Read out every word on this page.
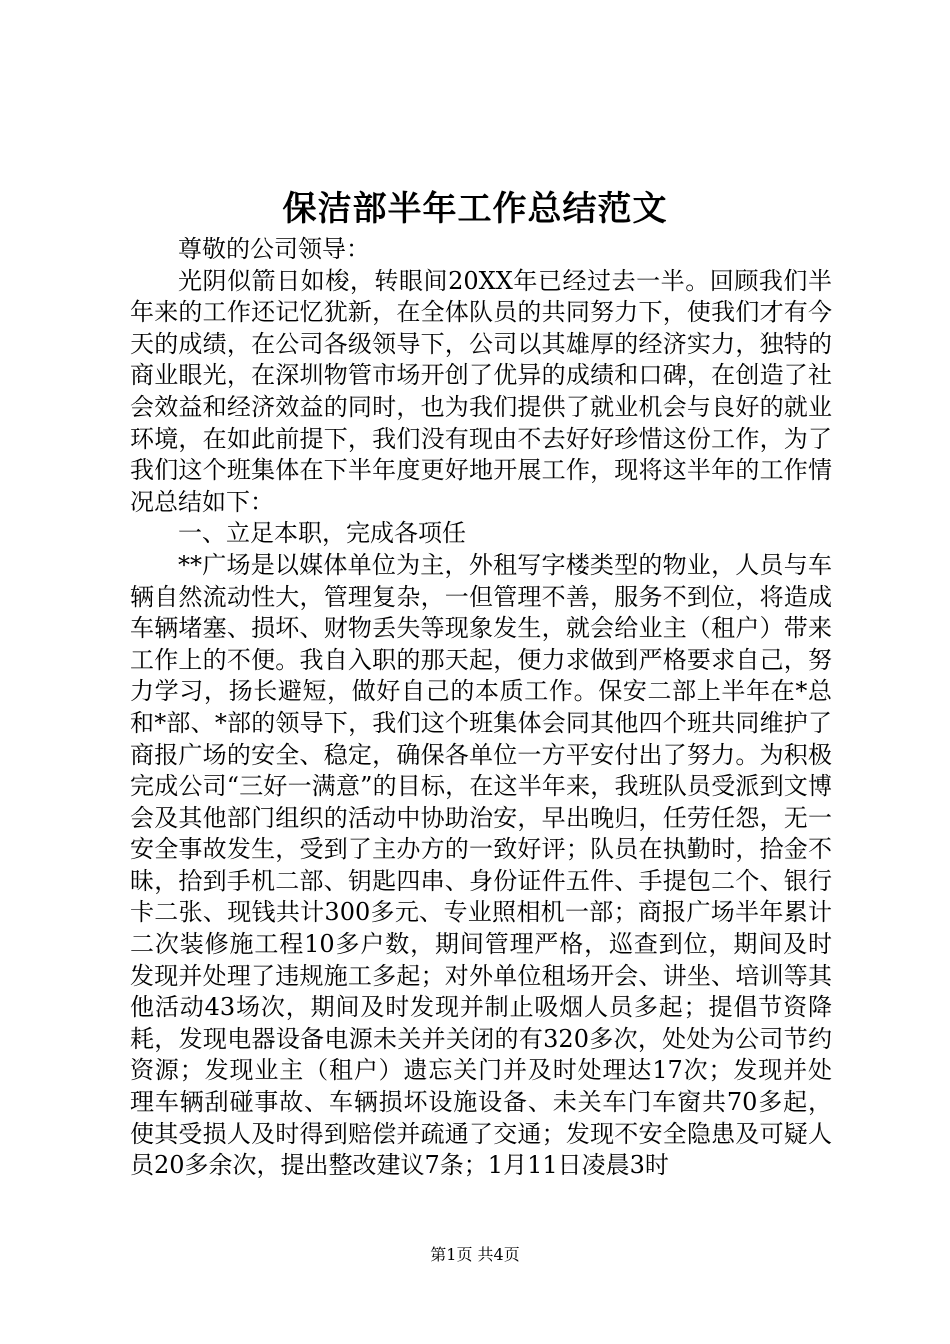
保洁部半年工作总结范文

尊敬的公司领导：

光阴似箭日如梭，转眼间20XX年已经过去一半。回顾我们半年来的工作还记忆犹新，在全体队员的共同努力下，使我们才有今天的成绩，在公司各级领导下，公司以其雄厚的经济实力，独特的商业眼光，在深圳物管市场开创了优异的成绩和口碑，在创造了社会效益和经济效益的同时，也为我们提供了就业机会与良好的就业环境，在如此前提下，我们没有现由不去好好珍惜这份工作，为了我们这个班集体在下半年度更好地开展工作，现将这半年的工作情况总结如下：

一、立足本职，完成各项任

**广场是以媒体单位为主，外租写字楼类型的物业，人员与车辆自然流动性大，管理复杂，一但管理不善，服务不到位，将造成车辆堵塞、损坏、财物丢失等现象发生，就会给业主（租户）带来工作上的不便。我自入职的那天起，便力求做到严格要求自己，努力学习，扬长避短，做好自己的本质工作。保安二部上半年在*总和*部、*部的领导下，我们这个班集体会同其他四个班共同维护了商报广场的安全、稳定，确保各单位一方平安付出了努力。为积极完成公司“三好一满意”的目标，在这半年来，我班队员受派到文博会及其他部门组织的活动中协助治安，早出晚归，任劳任怨，无一安全事故发生，受到了主办方的一致好评；队员在执勤时，拾金不昧，拾到手机二部、钥匙四串、身份证件五件、手提包二个、银行卡二张、现钱共计300多元、专业照相机一部；商报广场半年累计二次装修施工程10多户数，期间管理严格，巡查到位，期间及时发现并处理了违规施工多起；对外单位租场开会、讲坐、培训等其他活动43场次，期间及时发现并制止吸烟人员多起；提倡节资降耗，发现电器设备电源未关并关闭的有320多次，处处为公司节约资源；发现业主（租户）遗忘关门并及时处理达17次；发现并处理车辆刮碰事故、车辆损坏设施设备、未关车门车窗共70多起，使其受损人及时得到赔偿并疏通了交通；发现不安全隐患及可疑人员20多余次，提出整改建议7条；1月11日凌晨3时

第1页 共4页
